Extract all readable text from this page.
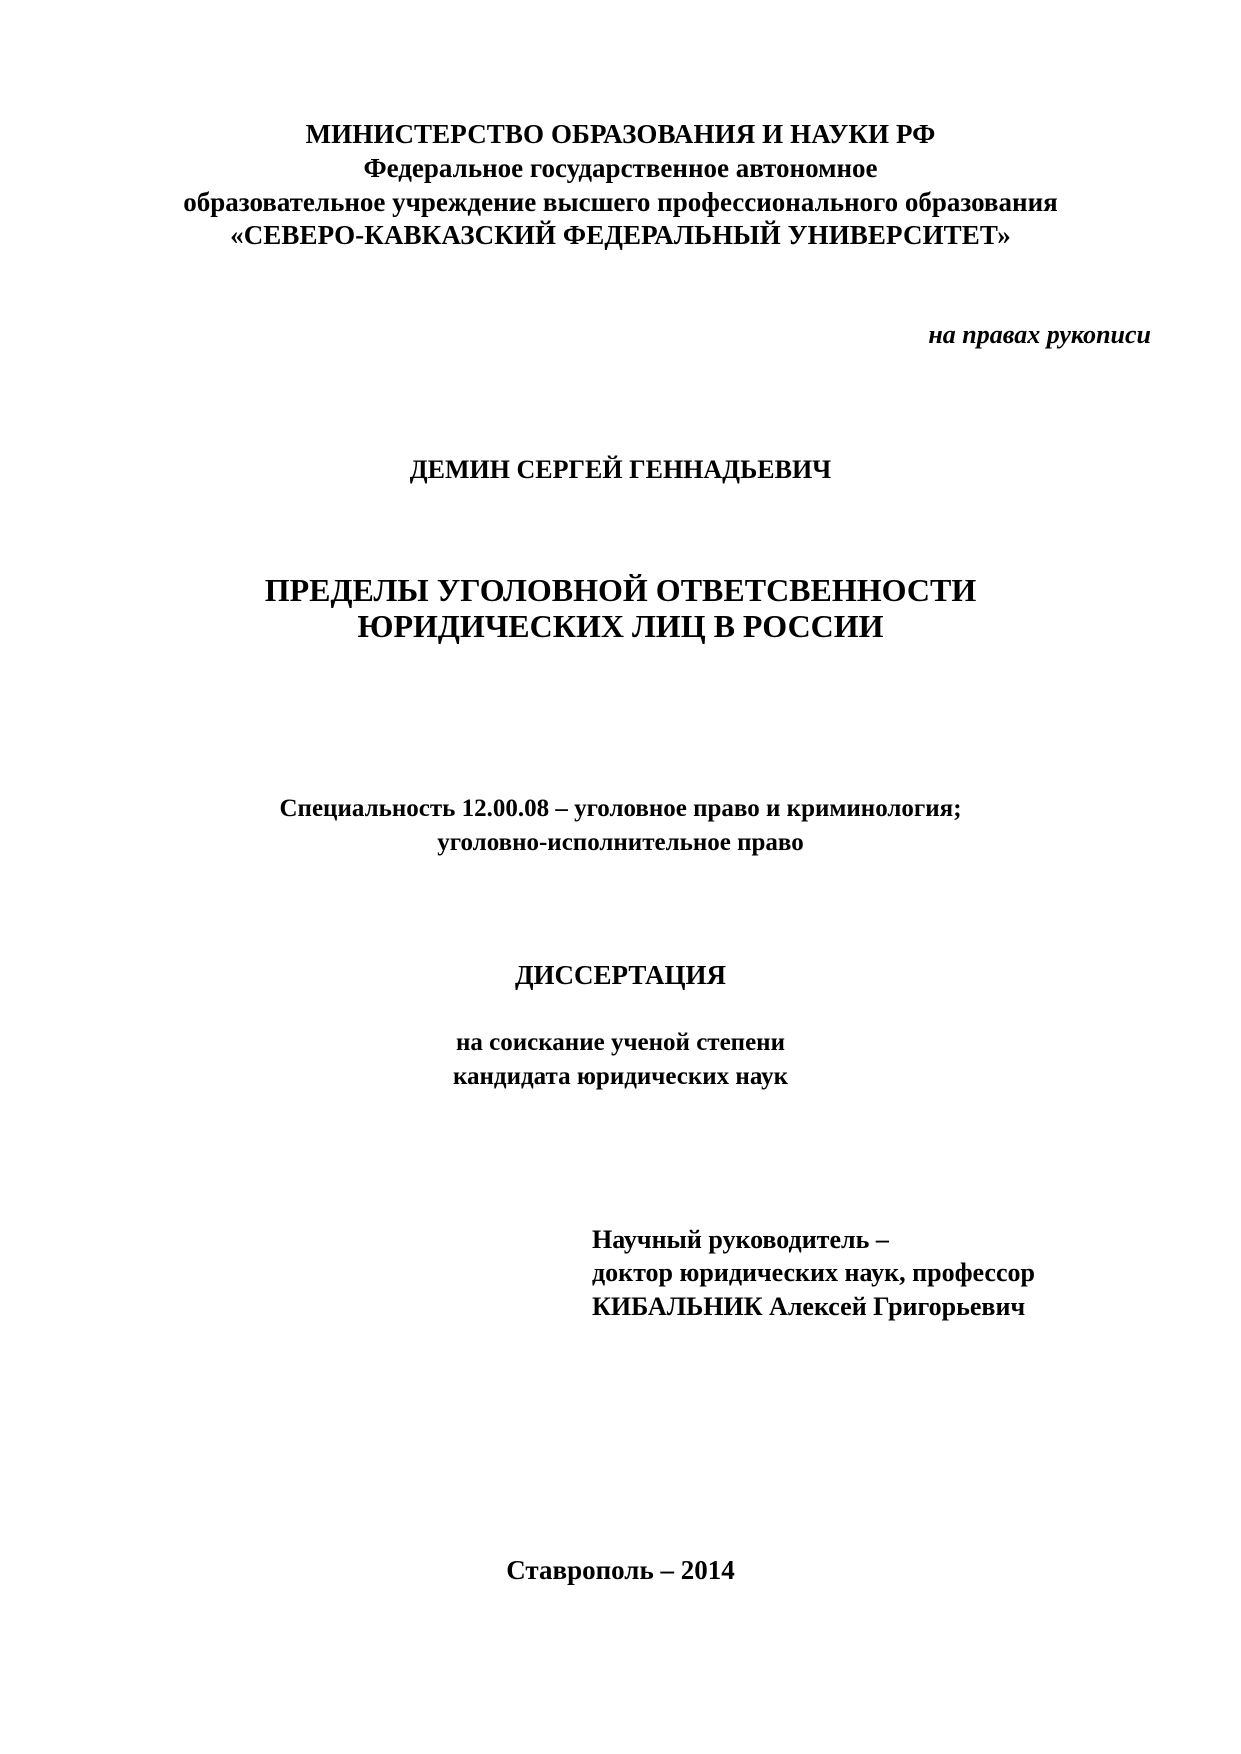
МИНИСТЕРСТВО ОБРАЗОВАНИЯ И НАУКИ РФ
Федеральное государственное автономное
образовательное учреждение высшего профессионального образования
«СЕВЕРО-КАВКАЗСКИЙ ФЕДЕРАЛЬНЫЙ УНИВЕРСИТЕТ»
на правах рукописи
ДЕМИН СЕРГЕЙ ГЕННАДЬЕВИЧ
ПРЕДЕЛЫ УГОЛОВНОЙ ОТВЕТСВЕННОСТИ
ЮРИДИЧЕСКИХ ЛИЦ В РОССИИ
Специальность 12.00.08 – уголовное право и криминология;
уголовно-исполнительное право
ДИССЕРТАЦИЯ
на соискание ученой степени
кандидата юридических наук
Научный руководитель –
доктор юридических наук, профессор
КИБАЛЬНИК Алексей Григорьевич
Ставрополь – 2014
